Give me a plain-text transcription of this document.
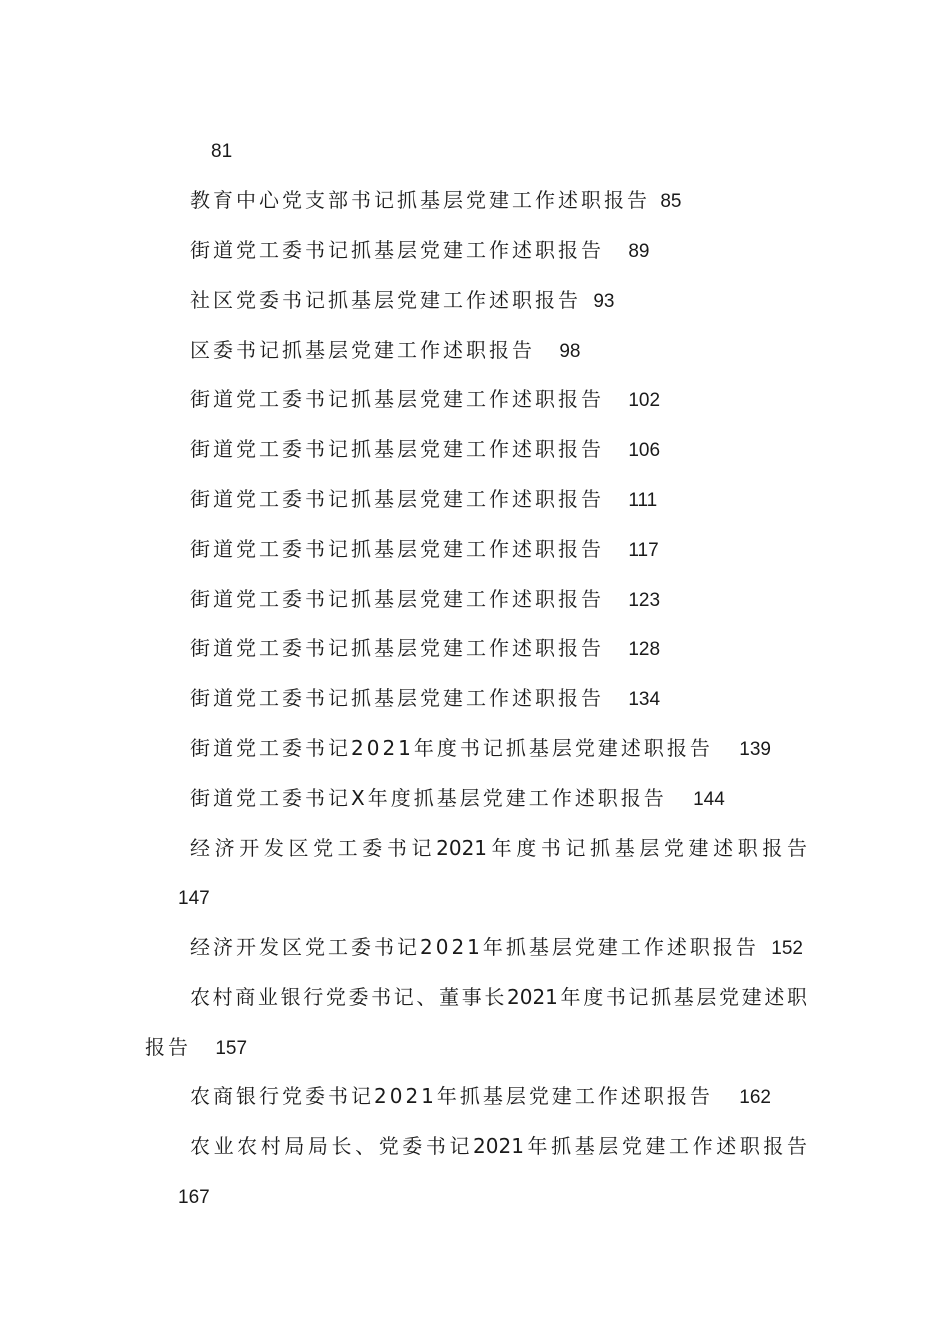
81
教育中心党支部书记抓基层党建工作述职报告 85
街道党工委书记抓基层党建工作述职报告 89
社区党委书记抓基层党建工作述职报告 93
区委书记抓基层党建工作述职报告 98
街道党工委书记抓基层党建工作述职报告 102
街道党工委书记抓基层党建工作述职报告 106
街道党工委书记抓基层党建工作述职报告 111
街道党工委书记抓基层党建工作述职报告 117
街道党工委书记抓基层党建工作述职报告 123
街道党工委书记抓基层党建工作述职报告 128
街道党工委书记抓基层党建工作述职报告 134
街道党工委书记2021年度书记抓基层党建述职报告 139
街道党工委书记X年度抓基层党建工作述职报告 144
经济开发区党工委书记2021年度书记抓基层党建述职报告
147
经济开发区党工委书记2021年抓基层党建工作述职报告 152
农村商业银行党委书记、董事长2021年度书记抓基层党建述职
报告 157
农商银行党委书记2021年抓基层党建工作述职报告 162
农业农村局局长、党委书记2021年抓基层党建工作述职报告
167
